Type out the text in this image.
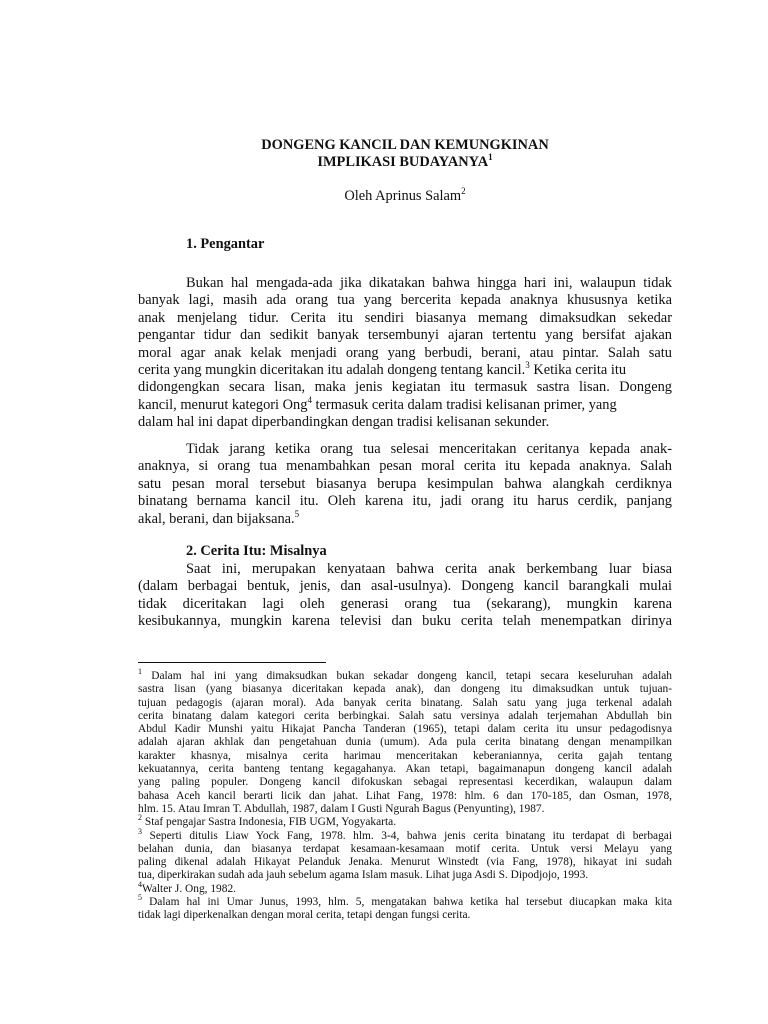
DONGENG KANCIL DAN KEMUNGKINAN
IMPLIKASI BUDAYANYA$^1$
Oleh Aprinus Salam$^2$
1. Pengantar
Bukan hal mengada-ada jika dikatakan bahwa hingga hari ini, walaupun tidak
banyak lagi, masih ada orang tua yang bercerita kepada anaknya khususnya ketika
anak menjelang tidur. Cerita itu sendiri biasanya memang dimaksudkan sekedar
pengantar tidur dan sedikit banyak tersembunyi ajaran tertentu yang bersifat ajakan
moral agar anak kelak menjadi orang yang berbudi, berani, atau pintar. Salah satu
cerita yang mungkin diceritakan itu adalah dongeng tentang kancil.$^3$ Ketika cerita itu
didongengkan secara lisan, maka jenis kegiatan itu termasuk sastra lisan. Dongeng
kancil, menurut kategori Ong$^4$ termasuk cerita dalam tradisi kelisanan primer, yang
dalam hal ini dapat diperbandingkan dengan tradisi kelisanan sekunder.
Tidak jarang ketika orang tua selesai menceritakan ceritanya kepada anak-
anaknya, si orang tua menambahkan pesan moral cerita itu kepada anaknya. Salah
satu pesan moral tersebut biasanya berupa kesimpulan bahwa alangkah cerdiknya
binatang bernama kancil itu. Oleh karena itu, jadi orang itu harus cerdik, panjang
akal, berani, dan bijaksana.$^5$
2. Cerita Itu: Misalnya
Saat ini, merupakan kenyataan bahwa cerita anak berkembang luar biasa
(dalam berbagai bentuk, jenis, dan asal-usulnya). Dongeng kancil barangkali mulai
tidak diceritakan lagi oleh generasi orang tua (sekarang), mungkin karena
kesibukannya, mungkin karena televisi dan buku cerita telah menempatkan dirinya
$^1$ Dalam hal ini yang dimaksudkan bukan sekadar dongeng kancil, tetapi secara keseluruhan adalah
sastra lisan (yang biasanya diceritakan kepada anak), dan dongeng itu dimaksudkan untuk tujuan-
tujuan pedagogis (ajaran moral). Ada banyak cerita binatang. Salah satu yang juga terkenal adalah
cerita binatang dalam kategori cerita berbingkai. Salah satu versinya adalah terjemahan Abdullah bin
Abdul Kadir Munshi yaitu Hikajat Pancha Tanderan (1965), tetapi dalam cerita itu unsur pedagodisnya
adalah ajaran akhlak dan pengetahuan dunia (umum). Ada pula cerita binatang dengan menampilkan
karakter khasnya, misalnya cerita harimau menceritakan keberaniannya, cerita gajah tentang
kekuatannya, cerita banteng tentang kegagahanya. Akan tetapi, bagaimanapun dongeng kancil adalah
yang paling populer. Dongeng kancil difokuskan sebagai representasi kecerdikan, walaupun dalam
bahasa Aceh kancil berarti licik dan jahat. Lihat Fang, 1978: hlm. 6 dan 170-185, dan Osman, 1978,
hlm. 15. Atau Imran T. Abdullah, 1987, dalam I Gusti Ngurah Bagus (Penyunting), 1987.
$^2$ Staf pengajar Sastra Indonesia, FIB UGM, Yogyakarta.
$^3$ Seperti ditulis Liaw Yock Fang, 1978. hlm. 3-4, bahwa jenis cerita binatang itu terdapat di berbagai
belahan dunia, dan biasanya terdapat kesamaan-kesamaan motif cerita. Untuk versi Melayu yang
paling dikenal adalah Hikayat Pelanduk Jenaka. Menurut Winstedt (via Fang, 1978), hikayat ini sudah
tua, diperkirakan sudah ada jauh sebelum agama Islam masuk. Lihat juga Asdi S. Dipodjojo, 1993.
$^4$Walter J. Ong, 1982.
$^5$ Dalam hal ini Umar Junus, 1993, hlm. 5, mengatakan bahwa ketika hal tersebut diucapkan maka kita
tidak lagi diperkenalkan dengan moral cerita, tetapi dengan fungsi cerita.
